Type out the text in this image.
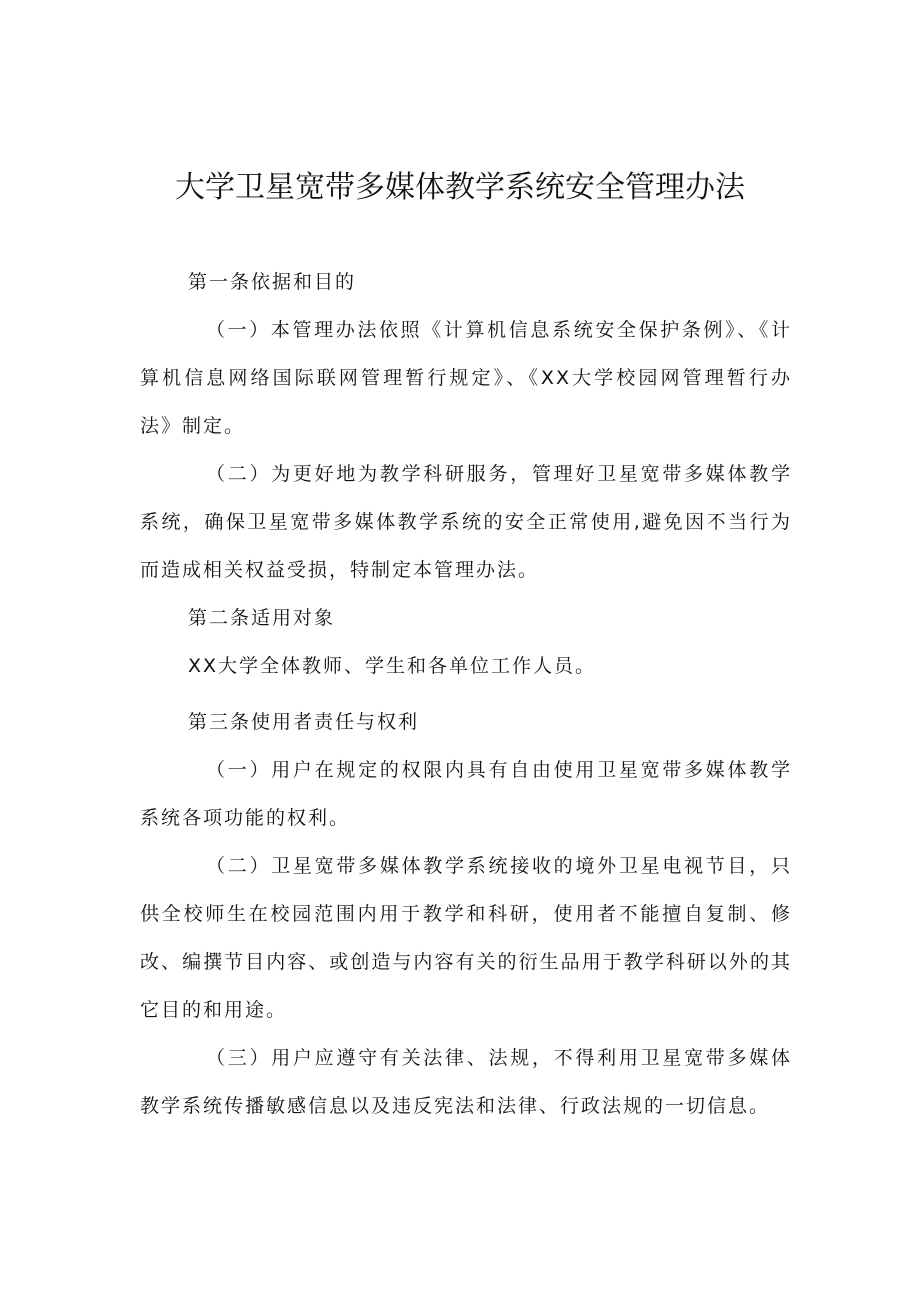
大学卫星宽带多媒体教学系统安全管理办法

第一条依据和目的

（一）本管理办法依照《计算机信息系统安全保护条例》、《计算机信息网络国际联网管理暂行规定》、《XX大学校园网管理暂行办法》制定。

（二）为更好地为教学科研服务，管理好卫星宽带多媒体教学系统，确保卫星宽带多媒体教学系统的安全正常使用,避免因不当行为而造成相关权益受损，特制定本管理办法。

第二条适用对象

XX大学全体教师、学生和各单位工作人员。

第三条使用者责任与权利

（一）用户在规定的权限内具有自由使用卫星宽带多媒体教学系统各项功能的权利。

（二）卫星宽带多媒体教学系统接收的境外卫星电视节目，只供全校师生在校园范围内用于教学和科研，使用者不能擅自复制、修改、编撰节目内容、或创造与内容有关的衍生品用于教学科研以外的其它目的和用途。

（三）用户应遵守有关法律、法规，不得利用卫星宽带多媒体教学系统传播敏感信息以及违反宪法和法律、行政法规的一切信息。
